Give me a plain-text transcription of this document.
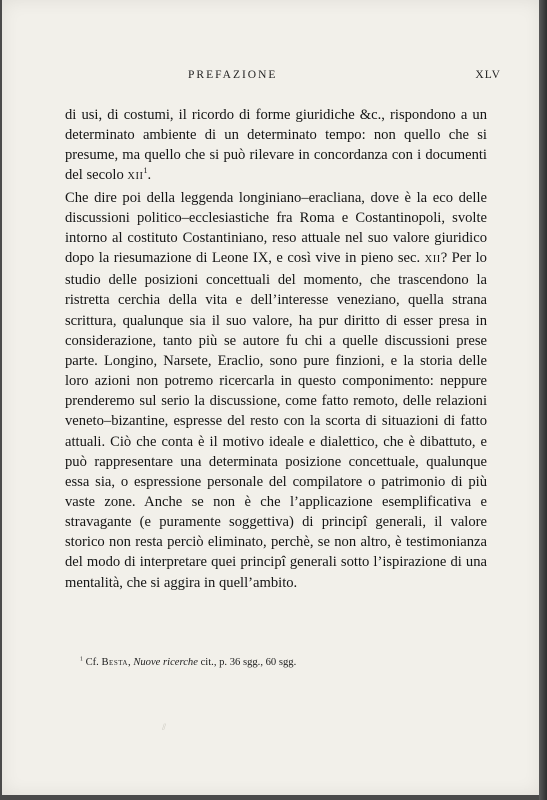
PREFAZIONE	XLV

di usi, di costumi, il ricordo di forme giuridiche &c., rispondono a un determinato ambiente di un determinato tempo: non quello che si presume, ma quello che si può rilevare in concordanza con i documenti del secolo XII$^1$.

Che dire poi della leggenda longiniano–eracliana, dove è la eco delle discussioni politico–ecclesiastiche fra Roma e Costantinopoli, svolte intorno al costituto Costantiniano, reso attuale nel suo valore giuridico dopo la riesumazione di Leone IX, e così vive in pieno sec. XII? Per lo studio delle posizioni concettuali del momento, che trascendono la ristretta cerchia della vita e dell’interesse veneziano, quella strana scrittura, qualunque sia il suo valore, ha pur diritto di esser presa in considerazione, tanto più se autore fu chi a quelle discussioni prese parte. Longino, Narsete, Eraclio, sono pure finzioni, e la storia delle loro azioni non potremo ricercarla in questo componimento: neppure prenderemo sul serio la discussione, come fatto remoto, delle relazioni veneto–bizantine, espresse del resto con la scorta di situazioni di fatto attuali. Ciò che conta è il motivo ideale e dialettico, che è dibattuto, e può rappresentare una determinata posizione concettuale, qualunque essa sia, o espressione personale del compilatore o patrimonio di più vaste zone. Anche se non è che l’applicazione esemplificativa e stravagante (e puramente soggettiva) di principî generali, il valore storico non resta perciò eliminato, perchè, se non altro, è testimonianza del modo di interpretare quei principî generali sotto l’ispirazione di una mentalità, che si aggira in quell’ambito.

$^1$ Cf. Besta, Nuove ricerche cit., p. 36 sgg., 60 sgg.
//
